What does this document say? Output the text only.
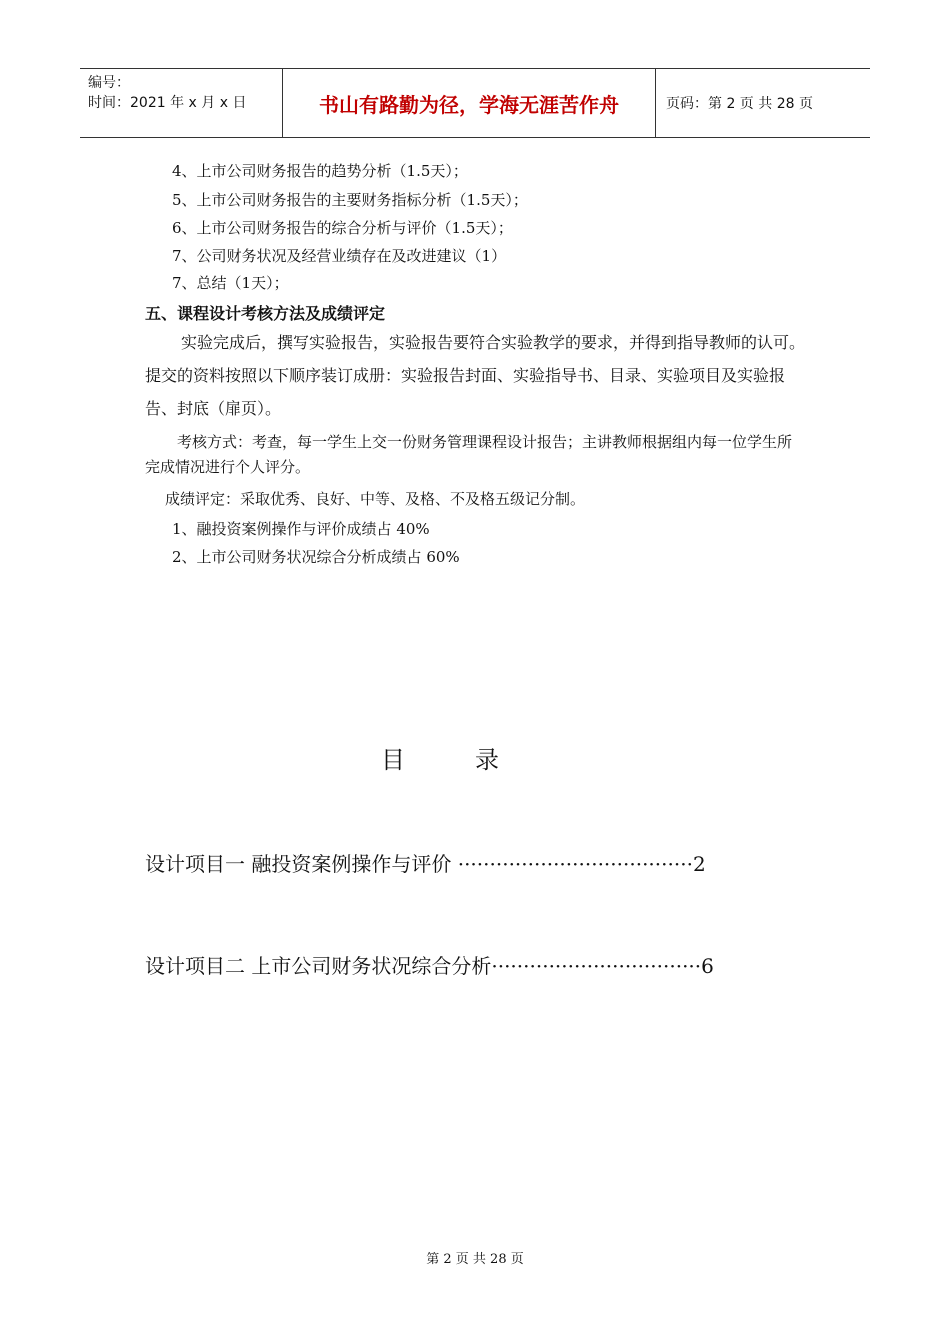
编号：
时间：2021 年 x 月 x 日	书山有路勤为径，学海无涯苦作舟	页码：第 2 页 共 28 页
4、上市公司财务报告的趋势分析（1.5天）；
5、上市公司财务报告的主要财务指标分析（1.5天）；
6、上市公司财务报告的综合分析与评价（1.5天）；
7、公司财务状况及经营业绩存在及改进建议（1）
7、总结（1天）；
五、课程设计考核方法及成绩评定
实验完成后，撰写实验报告，实验报告要符合实验教学的要求，并得到指导教师的认可。提交的资料按照以下顺序装订成册：实验报告封面、实验指导书、目录、实验项目及实验报告、封底（扉页）。
考核方式：考查，每一学生上交一份财务管理课程设计报告；主讲教师根据组内每一位学生所完成情况进行个人评分。
成绩评定：采取优秀、良好、中等、及格、不及格五级记分制。
1、融投资案例操作与评价成绩占 40%
2、上市公司财务状况综合分析成绩占 60%
目录
设计项目一 融投资案例操作与评价 ·····································2
设计项目二 上市公司财务状况综合分析·································6
第 2 页 共 28 页
